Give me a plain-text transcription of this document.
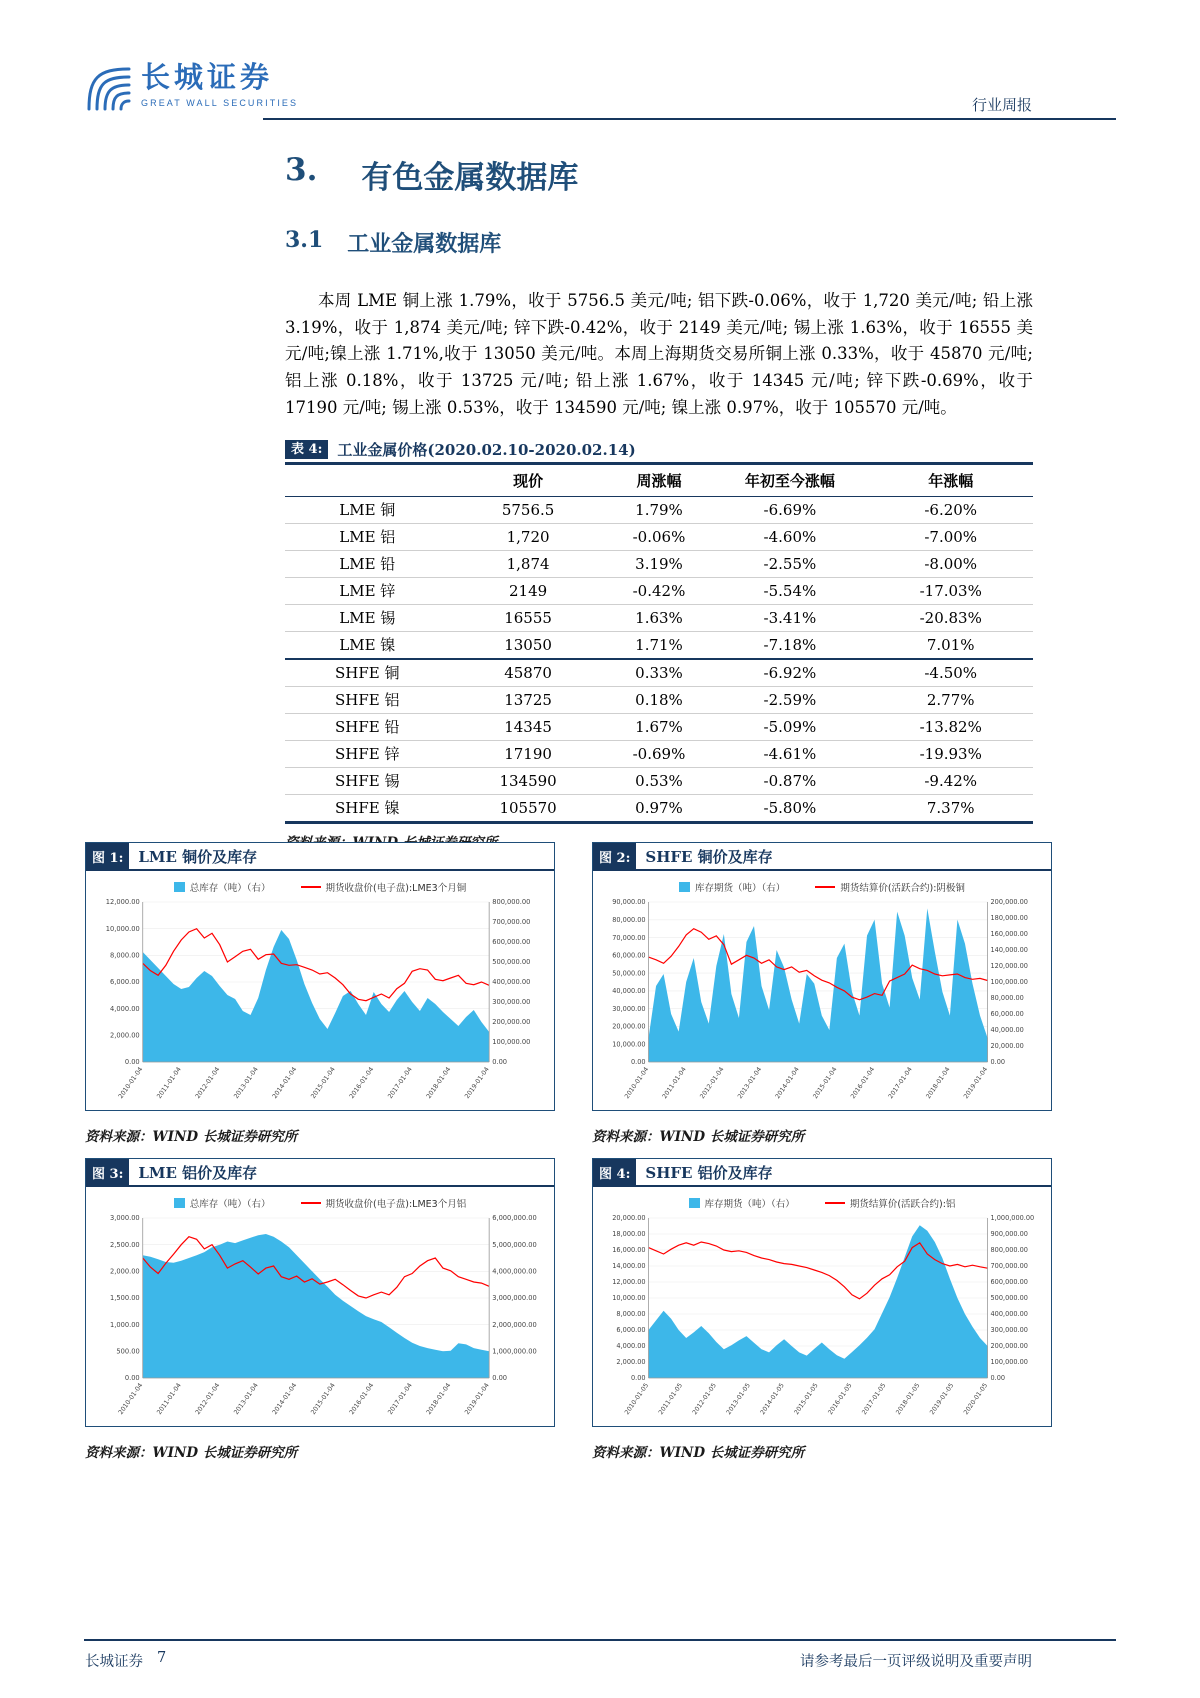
长城证券
GREAT WALL SECURITIES	行业周报
3. 有色金属数据库
3.1 工业金属数据库

本周 LME 铜上涨 1.79%，收于 5756.5 美元/吨; 铝下跌-0.06%，收于 1,720 美元/吨; 铅上涨 3.19%，收于 1,874 美元/吨; 锌下跌-0.42%，收于 2149 美元/吨; 锡上涨 1.63%，收于 16555 美元/吨;镍上涨 1.71%,收于 13050 美元/吨。本周上海期货交易所铜上涨 0.33%，收于 45870 元/吨; 铝上涨 0.18%，收于 13725 元/吨; 铅上涨 1.67%，收于 14345 元/吨; 锌下跌-0.69%，收于 17190 元/吨; 锡上涨 0.53%，收于 134590 元/吨; 镍上涨 0.97%，收于 105570 元/吨。

表 4:	工业金属价格(2020.02.10-2020.02.14)
	现价	周涨幅	年初至今涨幅	年涨幅
LME 铜	5756.5	1.79%	-6.69%	-6.20%
LME 铝	1,720	-0.06%	-4.60%	-7.00%
LME 铅	1,874	3.19%	-2.55%	-8.00%
LME 锌	2149	-0.42%	-5.54%	-17.03%
LME 锡	16555	1.63%	-3.41%	-20.83%
LME 镍	13050	1.71%	-7.18%	7.01%
SHFE 铜	45870	0.33%	-6.92%	-4.50%
SHFE 铝	13725	0.18%	-2.59%	2.77%
SHFE 铅	14345	1.67%	-5.09%	-13.82%
SHFE 锌	17190	-0.69%	-4.61%	-19.93%
SHFE 锡	134590	0.53%	-0.87%	-9.42%
SHFE 镍	105570	0.97%	-5.80%	7.37%
图 1:	LME 铜价及库存
总库存（吨）（右）	期货收盘价(电子盘):LME3个月铜
12,000.00
10,000.00
8,000.00
6,000.00
4,000.00
2,000.00
0.00
800,000.00
700,000.00
600,000.00
500,000.00
400,000.00
300,000.00
200,000.00
100,000.00
0.00
2010-01-04 2011-01-04 2012-01-04 2013-01-04 2014-01-04 2015-01-04 2016-01-04 2017-01-04 2018-01-04 2019-01-04
资料来源：WIND 长城证券研究所
图 2:	SHFE 铜价及库存
库存期货（吨）（右）	期货结算价(活跃合约):阴极铜
90,000.00
80,000.00
70,000.00
60,000.00
50,000.00
40,000.00
30,000.00
20,000.00
10,000.00
0.00
200,000.00
180,000.00
160,000.00
140,000.00
120,000.00
100,000.00
80,000.00
60,000.00
40,000.00
20,000.00
0.00
2010-01-04 2011-01-04 2012-01-04 2013-01-04 2014-01-04 2015-01-04 2016-01-04 2017-01-04 2018-01-04 2019-01-04
资料来源：WIND 长城证券研究所
图 3:	LME 铝价及库存
总库存（吨）（右）	期货收盘价(电子盘):LME3个月铝
3,000.00
2,500.00
2,000.00
1,500.00
1,000.00
500.00
0.00
6,000,000.00
5,000,000.00
4,000,000.00
3,000,000.00
2,000,000.00
1,000,000.00
0.00
2010-01-04 2011-01-04 2012-01-04 2013-01-04 2014-01-04 2015-01-04 2016-01-04 2017-01-04 2018-01-04 2019-01-04
资料来源：WIND 长城证券研究所
图 4:	SHFE 铝价及库存
库存期货（吨）（右）	期货结算价(活跃合约):铝
20,000.00
18,000.00
16,000.00
14,000.00
12,000.00
10,000.00
8,000.00
6,000.00
4,000.00
2,000.00
0.00
1,000,000.00
900,000.00
800,000.00
700,000.00
600,000.00
500,000.00
400,000.00
300,000.00
200,000.00
100,000.00
0.00
2010-01-05 2011-01-05 2012-01-05 2013-01-05 2014-01-05 2015-01-05 2016-01-05 2017-01-05 2018-01-05 2019-01-05 2020-01-05
资料来源：WIND 长城证券研究所
长城证券 7	请参考最后一页评级说明及重要声明
